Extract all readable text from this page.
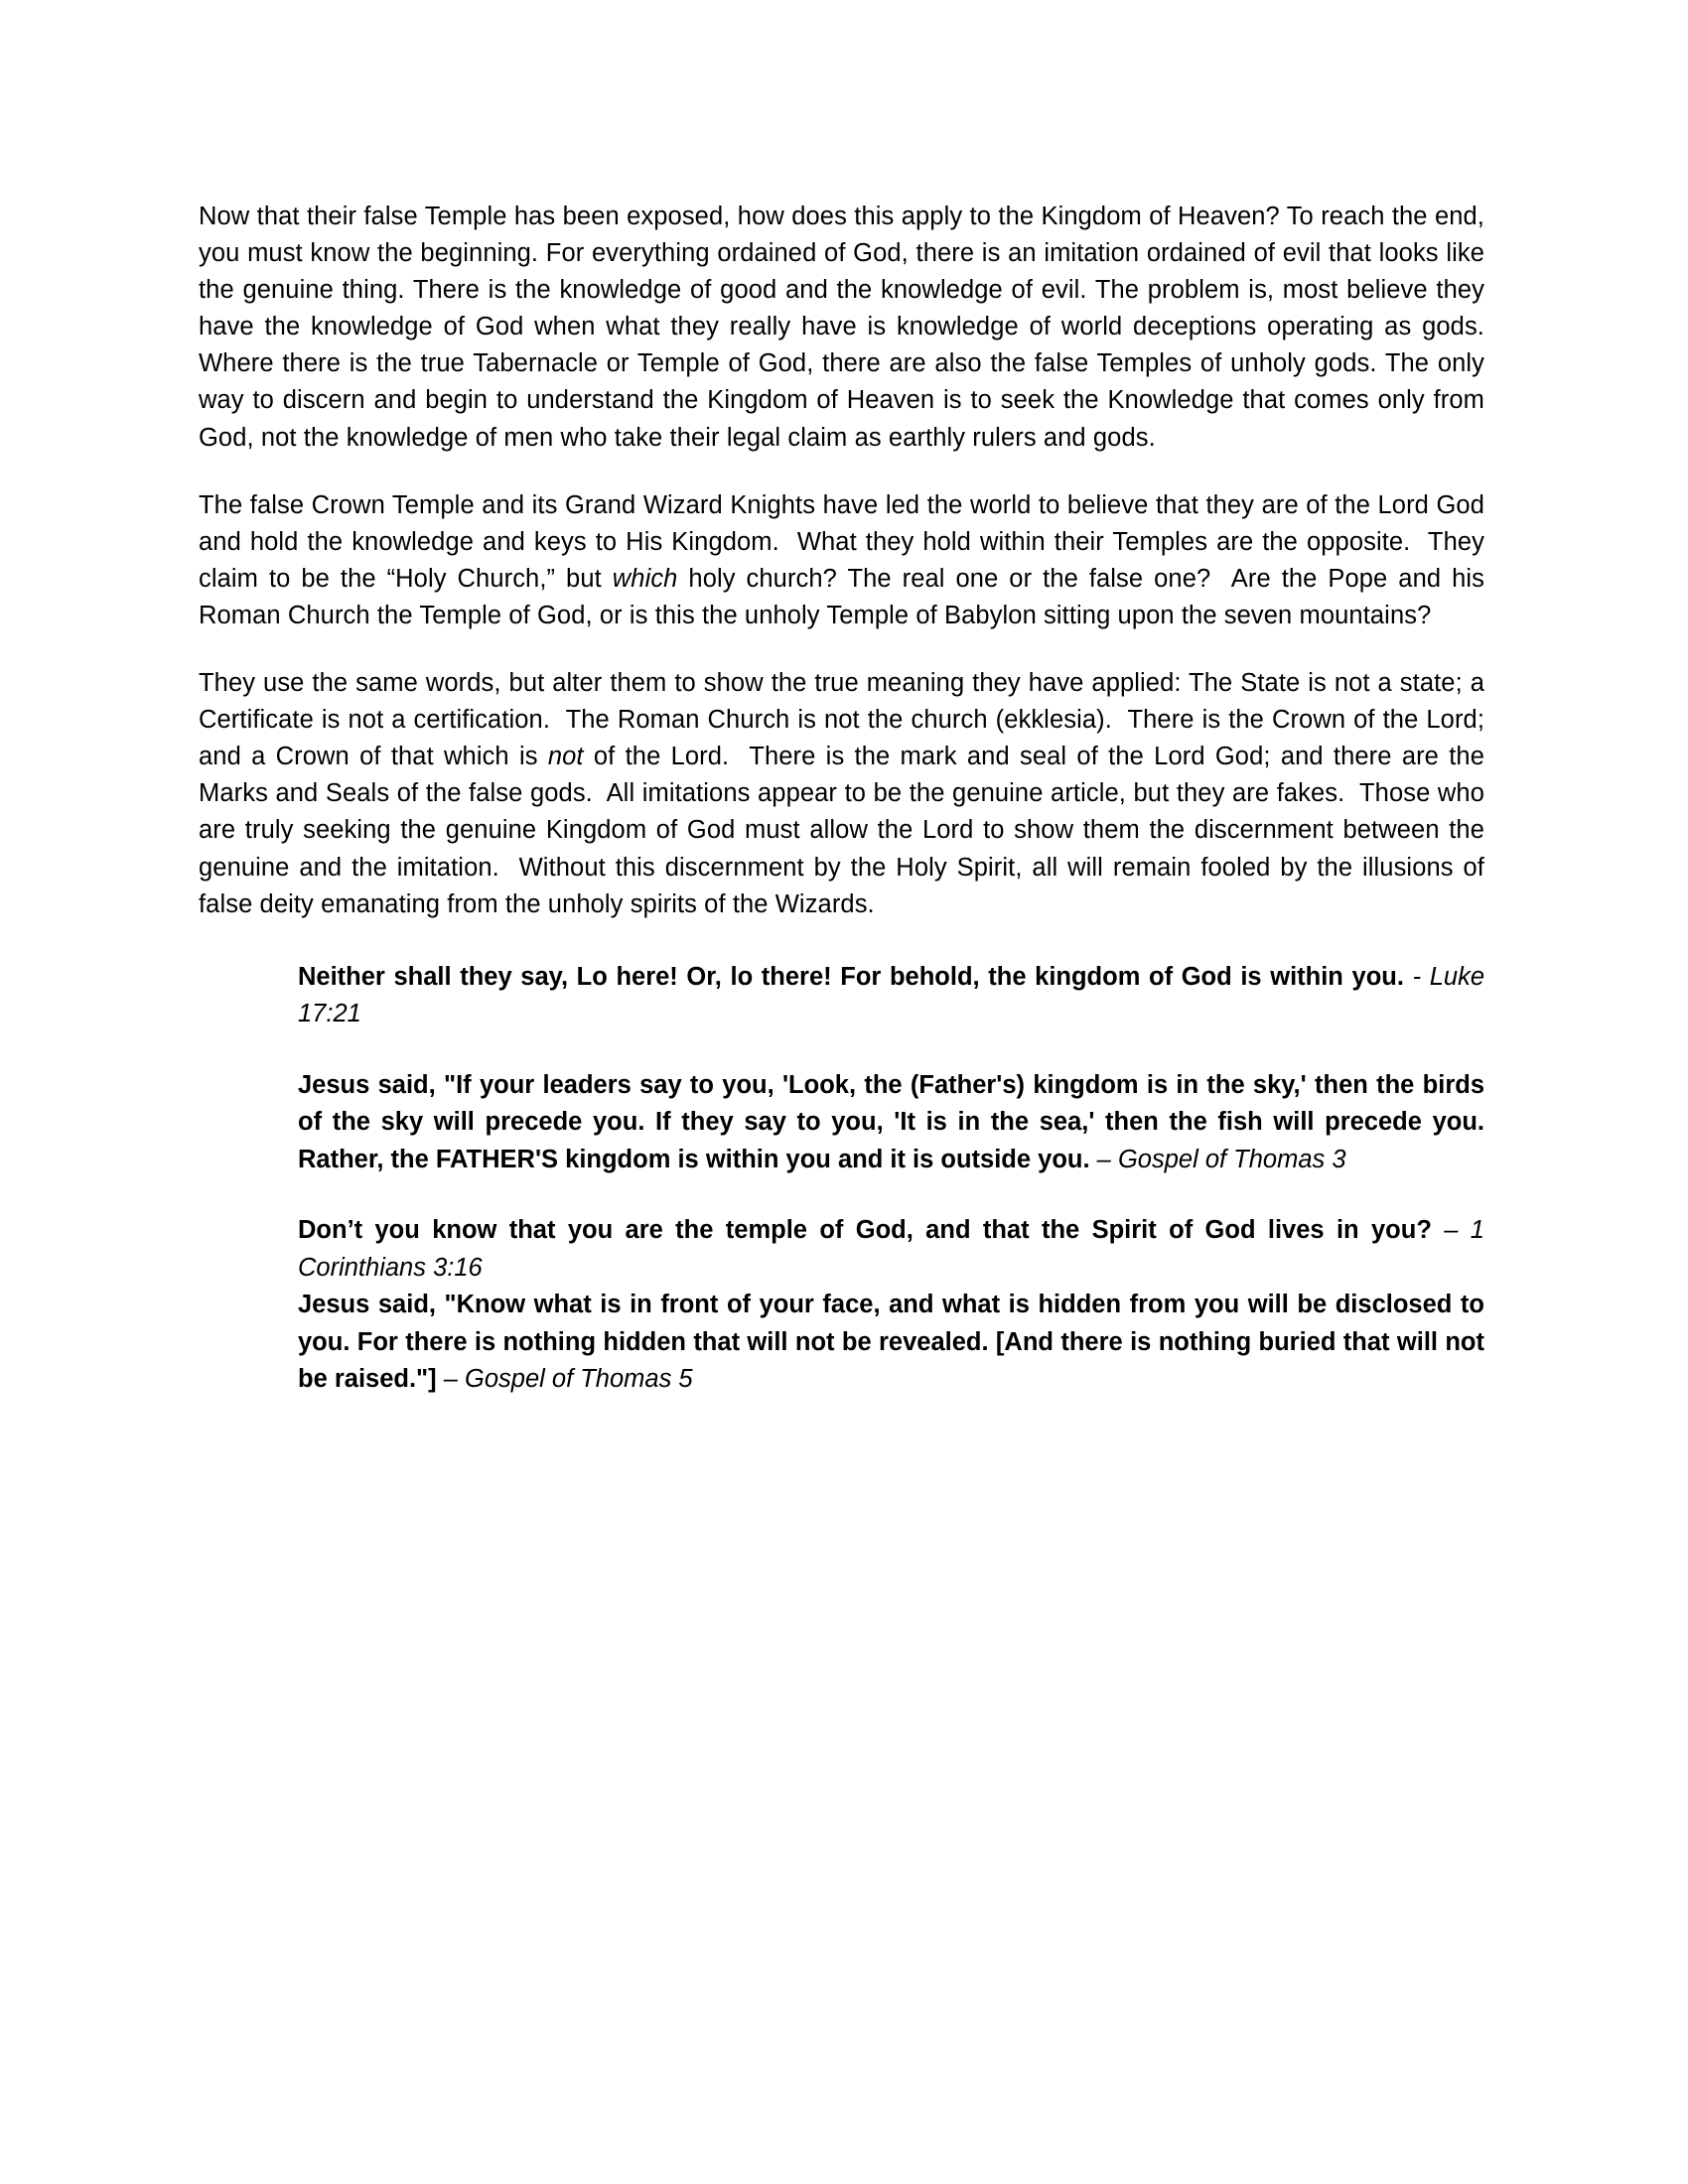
Now that their false Temple has been exposed, how does this apply to the Kingdom of Heaven? To reach the end, you must know the beginning. For everything ordained of God, there is an imitation ordained of evil that looks like the genuine thing. There is the knowledge of good and the knowledge of evil. The problem is, most believe they have the knowledge of God when what they really have is knowledge of world deceptions operating as gods. Where there is the true Tabernacle or Temple of God, there are also the false Temples of unholy gods. The only way to discern and begin to understand the Kingdom of Heaven is to seek the Knowledge that comes only from God, not the knowledge of men who take their legal claim as earthly rulers and gods.

The false Crown Temple and its Grand Wizard Knights have led the world to believe that they are of the Lord God and hold the knowledge and keys to His Kingdom.  What they hold within their Temples are the opposite.  They claim to be the “Holy Church,” but which holy church? The real one or the false one?  Are the Pope and his Roman Church the Temple of God, or is this the unholy Temple of Babylon sitting upon the seven mountains?

They use the same words, but alter them to show the true meaning they have applied: The State is not a state; a Certificate is not a certification.  The Roman Church is not the church (ekklesia).  There is the Crown of the Lord; and a Crown of that which is not of the Lord.  There is the mark and seal of the Lord God; and there are the Marks and Seals of the false gods.  All imitations appear to be the genuine article, but they are fakes.  Those who are truly seeking the genuine Kingdom of God must allow the Lord to show them the discernment between the genuine and the imitation.  Without this discernment by the Holy Spirit, all will remain fooled by the illusions of false deity emanating from the unholy spirits of the Wizards.

Neither shall they say, Lo here! Or, lo there! For behold, the kingdom of God is within you. - Luke 17:21

Jesus said, "If your leaders say to you, 'Look, the (Father's) kingdom is in the sky,' then the birds of the sky will precede you. If they say to you, 'It is in the sea,' then the fish will precede you. Rather, the FATHER'S kingdom is within you and it is outside you. – Gospel of Thomas 3

Don’t you know that you are the temple of God, and that the Spirit of God lives in you? – 1 Corinthians 3:16

Jesus said, "Know what is in front of your face, and what is hidden from you will be disclosed to you. For there is nothing hidden that will not be revealed. [And there is nothing buried that will not be raised."] – Gospel of Thomas 5
